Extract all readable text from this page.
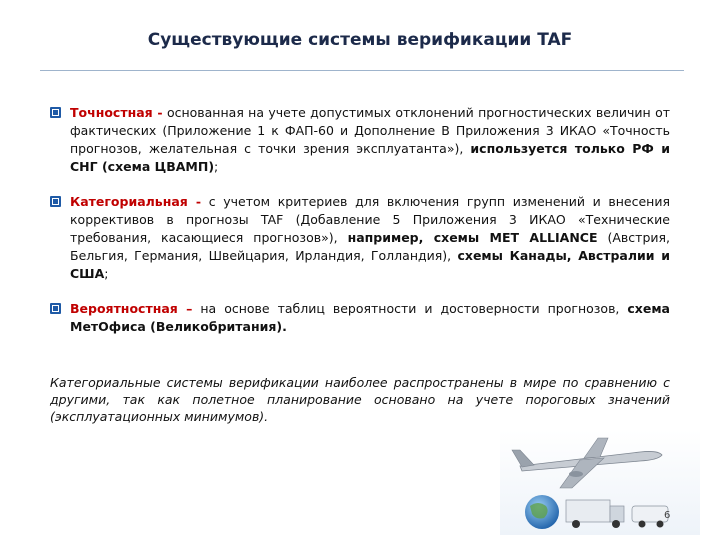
Существующие системы верификации TAF
Точностная - основанная на учете допустимых отклонений прогностических величин от фактических (Приложение 1 к ФАП-60 и Дополнение В Приложения 3 ИКАО «Точность прогнозов, желательная с точки зрения эксплуатанта»), используется только РФ и СНГ (схема ЦВАМП);
Категориальная - с учетом критериев для включения групп изменений и внесения коррективов в прогнозы TAF (Добавление 5 Приложения 3 ИКАО «Технические требования, касающиеся прогнозов»), например, схемы MET ALLIANCE (Австрия, Бельгия, Германия, Швейцария, Ирландия, Голландия), схемы Канады, Австралии и США;
Вероятностная – на основе таблиц вероятности и достоверности прогнозов, схема МетОфиса (Великобритания).
Категориальные системы верификации наиболее распространены в мире по сравнению с другими, так как полетное планирование основано на учете пороговых значений (эксплуатационных минимумов).
6
